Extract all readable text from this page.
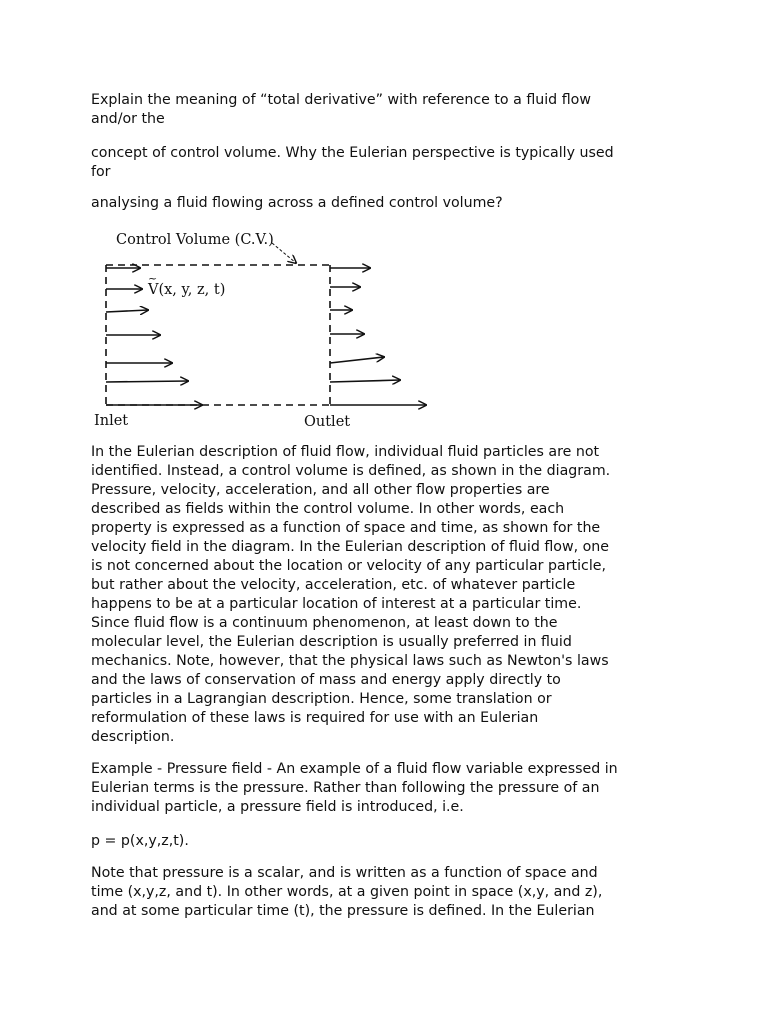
Explain the meaning of “total derivative” with reference to a fluid flow
and/or the

concept of control volume. Why the Eulerian perspective is typically used
for

analysing a fluid flowing across a defined control volume?

Control Volume (C.V.)
~
V(x, y, z, t)
Inlet	Outlet

In the Eulerian description of fluid flow, individual fluid particles are not
identified. Instead, a control volume is defined, as shown in the diagram.
Pressure, velocity, acceleration, and all other flow properties are
described as fields within the control volume. In other words, each
property is expressed as a function of space and time, as shown for the
velocity field in the diagram. In the Eulerian description of fluid flow, one
is not concerned about the location or velocity of any particular particle,
but rather about the velocity, acceleration, etc. of whatever particle
happens to be at a particular location of interest at a particular time.
Since fluid flow is a continuum phenomenon, at least down to the
molecular level, the Eulerian description is usually preferred in fluid
mechanics. Note, however, that the physical laws such as Newton's laws
and the laws of conservation of mass and energy apply directly to
particles in a Lagrangian description. Hence, some translation or
reformulation of these laws is required for use with an Eulerian
description.

Example - Pressure field - An example of a fluid flow variable expressed in
Eulerian terms is the pressure. Rather than following the pressure of an
individual particle, a pressure field is introduced, i.e.

p = p(x,y,z,t).

Note that pressure is a scalar, and is written as a function of space and
time (x,y,z, and t). In other words, at a given point in space (x,y, and z),
and at some particular time (t), the pressure is defined. In the Eulerian
